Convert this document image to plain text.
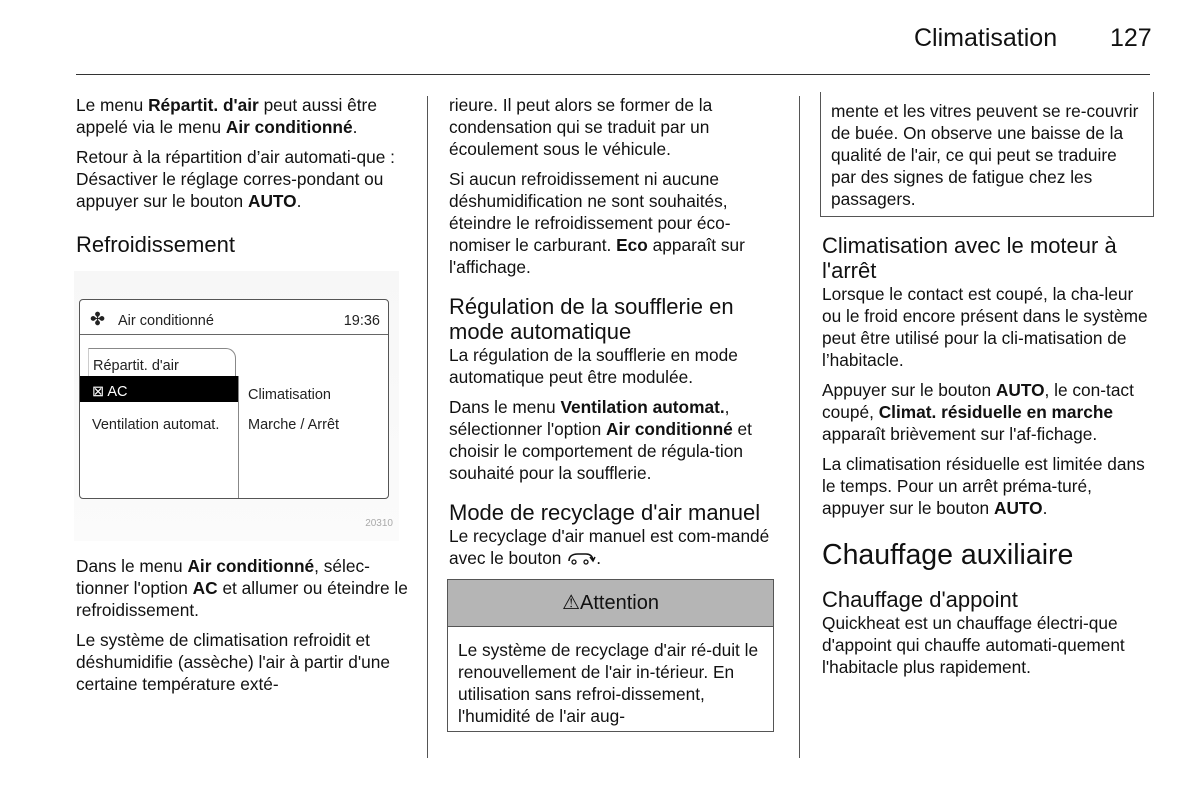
Climatisation 127

Le menu Répartit. d'air peut aussi être appelé via le menu Air conditionné.

Retour à la répartition d’air automati-que : Désactiver le réglage corres-pondant ou appuyer sur le bouton AUTO.

Refroidissement
✤ Air conditionné	19:36
Répartit. d'air
⊠ AC
Ventilation automat.
Climatisation
Marche / Arrêt
20310

Dans le menu Air conditionné, sélec-tionner l'option AC et allumer ou éteindre le refroidissement.

Le système de climatisation refroidit et déshumidifie (assèche) l'air à partir d'une certaine température exté-

rieure. Il peut alors se former de la condensation qui se traduit par un écoulement sous le véhicule.

Si aucun refroidissement ni aucune déshumidification ne sont souhaités, éteindre le refroidissement pour éco-nomiser le carburant. Eco apparaît sur l'affichage.

Régulation de la soufflerie en mode automatique

La régulation de la soufflerie en mode automatique peut être modulée.

Dans le menu Ventilation automat., sélectionner l'option Air conditionné et choisir le comportement de régula-tion souhaité pour la soufflerie.

Mode de recyclage d'air manuel

Le recyclage d'air manuel est com-mandé avec le bouton .

⚠Attention
Le système de recyclage d'air ré-duit le renouvellement de l'air in-térieur. En utilisation sans refroi-dissement, l'humidité de l'air aug-
mente et les vitres peuvent se re-couvrir de buée. On observe une baisse de la qualité de l'air, ce qui peut se traduire par des signes de fatigue chez les passagers.
Climatisation avec le moteur à l'arrêt

Lorsque le contact est coupé, la cha-leur ou le froid encore présent dans le système peut être utilisé pour la cli-matisation de l’habitacle.

Appuyer sur le bouton AUTO, le con-tact coupé, Climat. résiduelle en marche apparaît brièvement sur l'af-fichage.

La climatisation résiduelle est limitée dans le temps. Pour un arrêt préma-turé, appuyer sur le bouton AUTO.

Chauffage auxiliaire
Chauffage d'appoint

Quickheat est un chauffage électri-que d'appoint qui chauffe automati-quement l'habitacle plus rapidement.
